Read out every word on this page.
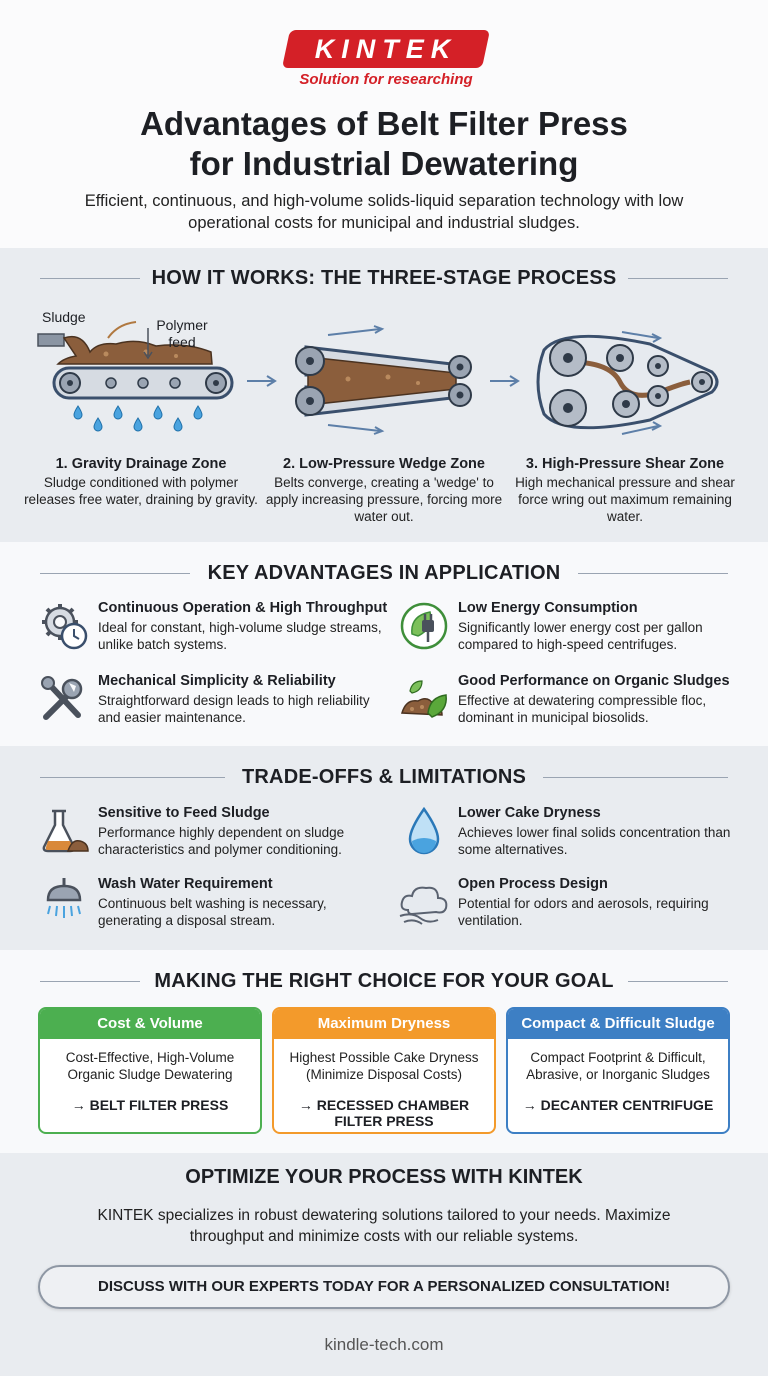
KINTEK
Solution for researching
Advantages of Belt Filter Press
for Industrial Dewatering
Efficient, continuous, and high-volume solids-liquid separation technology with low operational costs for municipal and industrial sludges.
HOW IT WORKS: THE THREE-STAGE PROCESS
Sludge	Polymer feed
1. Gravity Drainage Zone
Sludge conditioned with polymer releases free water, draining by gravity.
2. Low-Pressure Wedge Zone
Belts converge, creating a 'wedge' to apply increasing pressure, forcing more water out.
3. High-Pressure Shear Zone
High mechanical pressure and shear force wring out maximum remaining water.
KEY ADVANTAGES IN APPLICATION
Continuous Operation & High Throughput
Ideal for constant, high-volume sludge streams, unlike batch systems.
Low Energy Consumption
Significantly lower energy cost per gallon compared to high-speed centrifuges.
Mechanical Simplicity & Reliability
Straightforward design leads to high reliability and easier maintenance.
Good Performance on Organic Sludges
Effective at dewatering compressible floc, dominant in municipal biosolids.
TRADE-OFFS & LIMITATIONS
Sensitive to Feed Sludge
Performance highly dependent on sludge characteristics and polymer conditioning.
Lower Cake Dryness
Achieves lower final solids concentration than some alternatives.
Wash Water Requirement
Continuous belt washing is necessary, generating a disposal stream.
Open Process Design
Potential for odors and aerosols, requiring ventilation.
MAKING THE RIGHT CHOICE FOR YOUR GOAL
Cost & Volume
Cost-Effective, High-Volume Organic Sludge Dewatering
→ BELT FILTER PRESS
Maximum Dryness
Highest Possible Cake Dryness (Minimize Disposal Costs)
→ RECESSED CHAMBER FILTER PRESS
Compact & Difficult Sludge
Compact Footprint & Difficult, Abrasive, or Inorganic Sludges
→ DECANTER CENTRIFUGE
OPTIMIZE YOUR PROCESS WITH KINTEK
KINTEK specializes in robust dewatering solutions tailored to your needs. Maximize throughput and minimize costs with our reliable systems.
DISCUSS WITH OUR EXPERTS TODAY FOR A PERSONALIZED CONSULTATION!
kindle-tech.com
